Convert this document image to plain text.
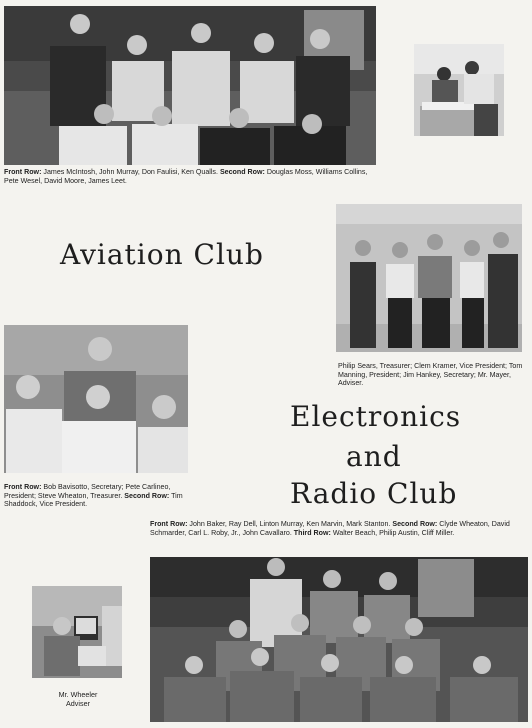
Front Row: James McIntosh, John Murray, Don Faulisi, Ken Qualls. Second Row: Douglas Moss, Williams Collins, Pete Wesel, David Moore, James Leet.
Aviation Club
Philip Sears, Treasurer; Clem Kramer, Vice President; Tom Manning, President; Jim Hankey, Secretary; Mr. Mayer, Adviser.
Front Row: Bob Bavisotto, Secretary; Pete Carlineo, President; Steve Wheaton, Treasurer. Second Row: Tim Shaddock, Vice President.
Electronics
and
Radio Club
Front Row: John Baker, Ray Dell, Linton Murray, Ken Marvin, Mark Stanton. Second Row: Clyde Wheaton, David Schmarder, Carl L. Roby, Jr., John Cavallaro. Third Row: Walter Beach, Philip Austin, Cliff Miller.
Mr. Wheeler
Adviser
